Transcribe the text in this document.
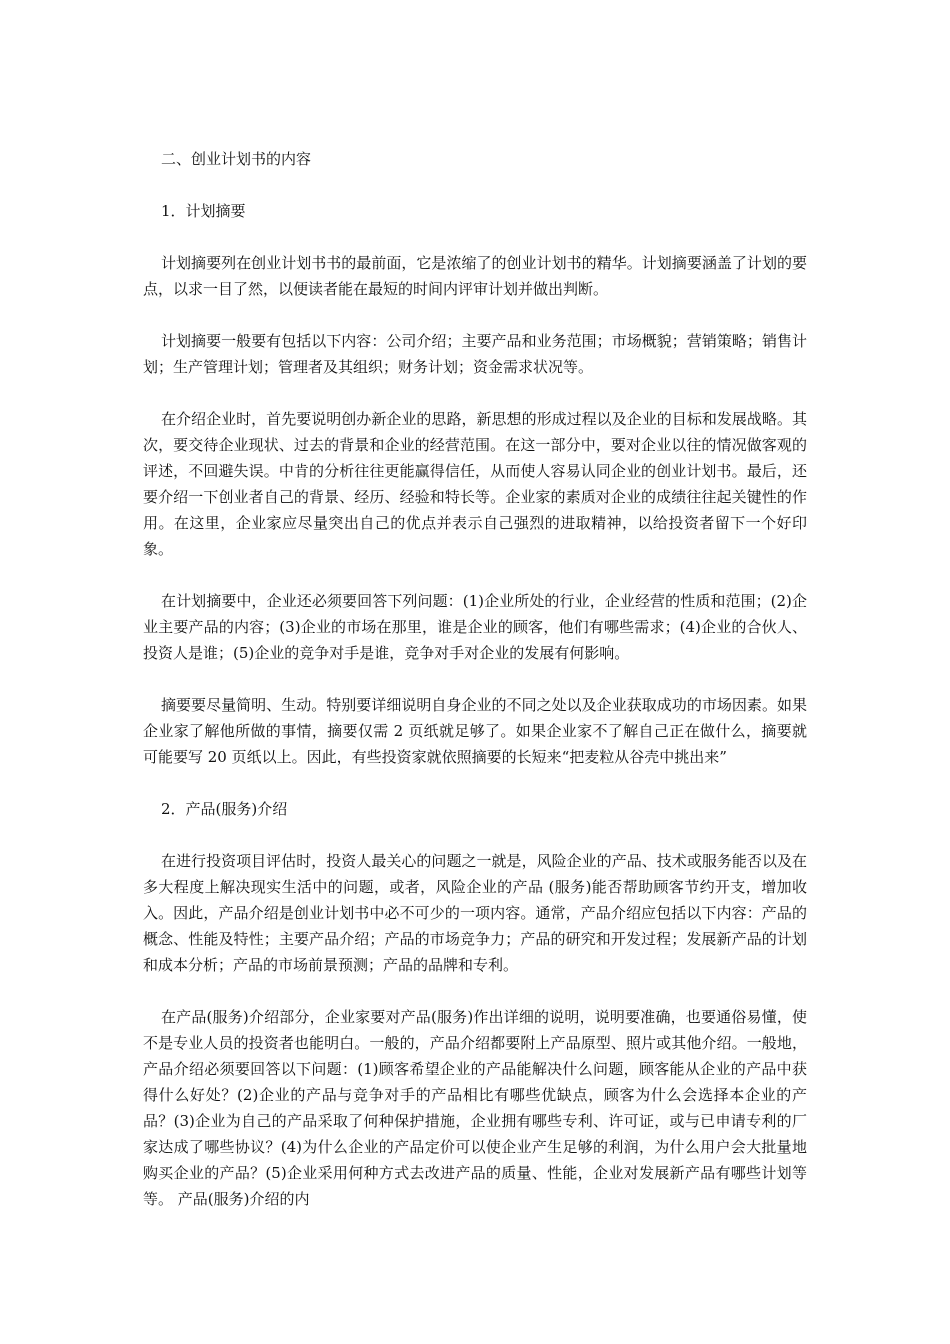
二、创业计划书的内容

1．计划摘要

计划摘要列在创业计划书书的最前面，它是浓缩了的创业计划书的精华。计划摘要涵盖了计划的要点，以求一目了然，以便读者能在最短的时间内评审计划并做出判断。

计划摘要一般要有包括以下内容：公司介绍；主要产品和业务范围；市场概貌；营销策略；销售计划；生产管理计划；管理者及其组织；财务计划；资金需求状况等。

在介绍企业时，首先要说明创办新企业的思路，新思想的形成过程以及企业的目标和发展战略。其次，要交待企业现状、过去的背景和企业的经营范围。在这一部分中，要对企业以往的情况做客观的评述，不回避失误。中肯的分析往往更能赢得信任，从而使人容易认同企业的创业计划书。最后，还要介绍一下创业者自己的背景、经历、经验和特长等。企业家的素质对企业的成绩往往起关键性的作用。在这里，企业家应尽量突出自己的优点并表示自己强烈的进取精神，以给投资者留下一个好印象。

在计划摘要中，企业还必须要回答下列问题：(1)企业所处的行业，企业经营的性质和范围；(2)企业主要产品的内容；(3)企业的市场在那里，谁是企业的顾客，他们有哪些需求；(4)企业的合伙人、投资人是谁；(5)企业的竞争对手是谁，竞争对手对企业的发展有何影响。

摘要要尽量简明、生动。特别要详细说明自身企业的不同之处以及企业获取成功的市场因素。如果企业家了解他所做的事情，摘要仅需 2 页纸就足够了。如果企业家不了解自己正在做什么，摘要就可能要写 20 页纸以上。因此，有些投资家就依照摘要的长短来“把麦粒从谷壳中挑出来”

2．产品(服务)介绍

在进行投资项目评估时，投资人最关心的问题之一就是，风险企业的产品、技术或服务能否以及在多大程度上解决现实生活中的问题，或者，风险企业的产品 (服务)能否帮助顾客节约开支，增加收入。因此，产品介绍是创业计划书中必不可少的一项内容。通常，产品介绍应包括以下内容：产品的概念、性能及特性；主要产品介绍；产品的市场竞争力；产品的研究和开发过程；发展新产品的计划和成本分析；产品的市场前景预测；产品的品牌和专利。

在产品(服务)介绍部分，企业家要对产品(服务)作出详细的说明，说明要准确，也要通俗易懂，使不是专业人员的投资者也能明白。一般的，产品介绍都要附上产品原型、照片或其他介绍。一般地，产品介绍必须要回答以下问题：(1)顾客希望企业的产品能解决什么问题，顾客能从企业的产品中获得什么好处？(2)企业的产品与竞争对手的产品相比有哪些优缺点，顾客为什么会选择本企业的产品？(3)企业为自己的产品采取了何种保护措施，企业拥有哪些专利、许可证，或与已申请专利的厂家达成了哪些协议？(4)为什么企业的产品定价可以使企业产生足够的利润，为什么用户会大批量地购买企业的产品？(5)企业采用何种方式去改进产品的质量、性能，企业对发展新产品有哪些计划等等。 产品(服务)介绍的内
